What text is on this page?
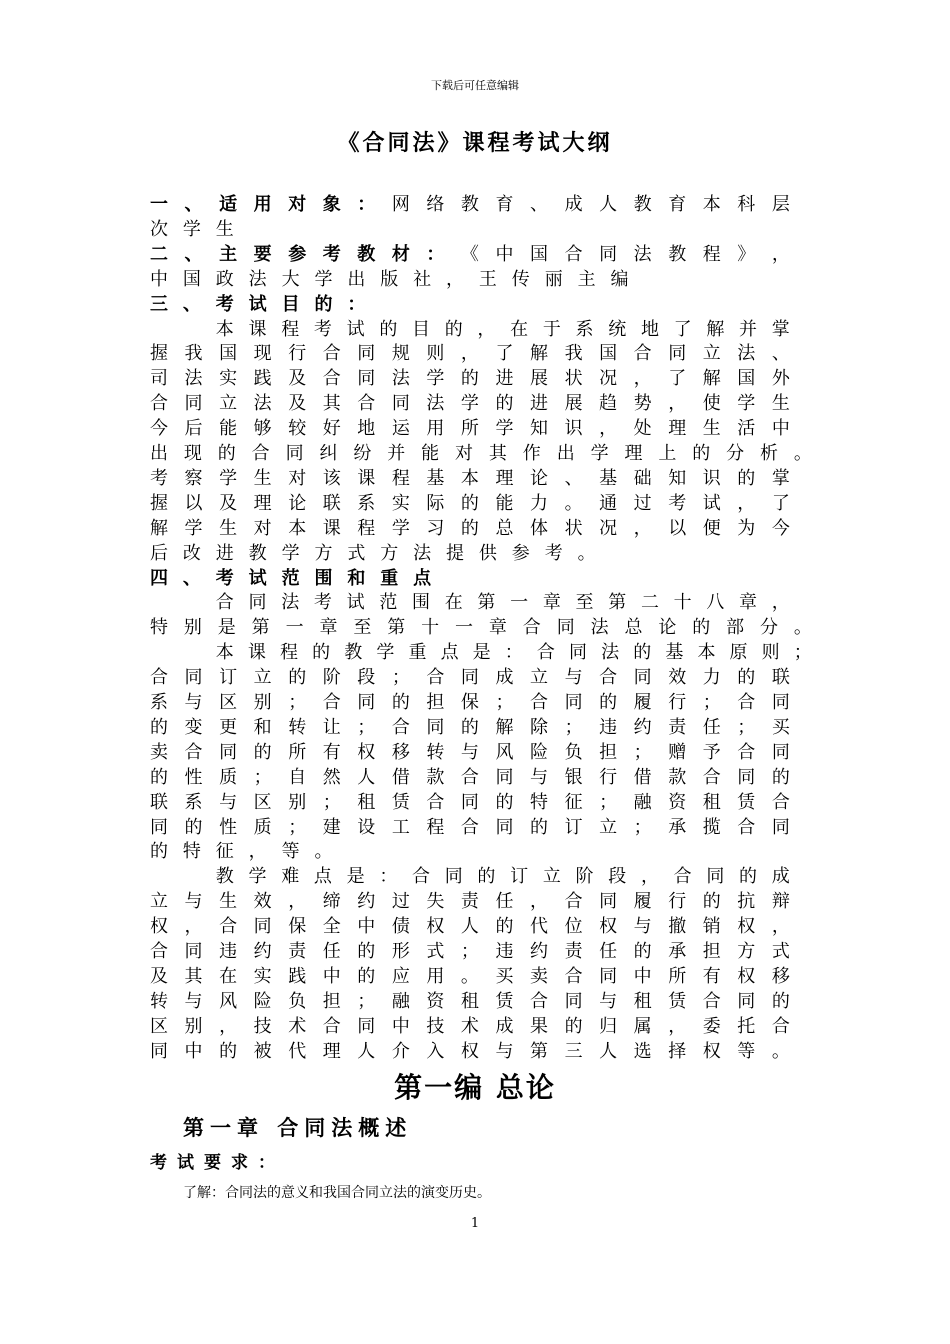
下载后可任意编辑
《合同法》课程考试大纲
一 、 适 用 对 象 ： 网 络 教 育 、 成 人 教 育 本 科 层
次 学 生
二 、 主 要 参 考 教 材 ： 《 中 国 合 同 法 教 程 》 ，
中 国 政 法 大 学 出 版 社 ， 王 传 丽 主 编
三 、 考 试 目 的 ：
本 课 程 考 试 的 目 的 ， 在 于 系 统 地 了 解 并 掌
握 我 国 现 行 合 同 规 则 ， 了 解 我 国 合 同 立 法 、
司 法 实 践 及 合 同 法 学 的 进 展 状 况 ， 了 解 国 外
合 同 立 法 及 其 合 同 法 学 的 进 展 趋 势 ， 使 学 生
今 后 能 够 较 好 地 运 用 所 学 知 识 ， 处 理 生 活 中
出 现 的 合 同 纠 纷 并 能 对 其 作 出 学 理 上 的 分 析 。
考 察 学 生 对 该 课 程 基 本 理 论 、 基 础 知 识 的 掌
握 以 及 理 论 联 系 实 际 的 能 力 。 通 过 考 试 ， 了
解 学 生 对 本 课 程 学 习 的 总 体 状 况 ， 以 便 为 今
后 改 进 教 学 方 式 方 法 提 供 参 考 。
四 、 考 试 范 围 和 重 点
合 同 法 考 试 范 围 在 第 一 章 至 第 二 十 八 章 ，
特 别 是 第 一 章 至 第 十 一 章 合 同 法 总 论 的 部 分 。
本 课 程 的 教 学 重 点 是 ： 合 同 法 的 基 本 原 则 ；
合 同 订 立 的 阶 段 ； 合 同 成 立 与 合 同 效 力 的 联
系 与 区 别 ； 合 同 的 担 保 ； 合 同 的 履 行 ； 合 同
的 变 更 和 转 让 ； 合 同 的 解 除 ； 违 约 责 任 ； 买
卖 合 同 的 所 有 权 移 转 与 风 险 负 担 ； 赠 予 合 同
的 性 质 ； 自 然 人 借 款 合 同 与 银 行 借 款 合 同 的
联 系 与 区 别 ； 租 赁 合 同 的 特 征 ； 融 资 租 赁 合
同 的 性 质 ； 建 设 工 程 合 同 的 订 立 ； 承 揽 合 同
的 特 征 ， 等 。
教 学 难 点 是 ： 合 同 的 订 立 阶 段 ， 合 同 的 成
立 与 生 效 ， 缔 约 过 失 责 任 ， 合 同 履 行 的 抗 辩
权 ， 合 同 保 全 中 债 权 人 的 代 位 权 与 撤 销 权 ，
合 同 违 约 责 任 的 形 式 ； 违 约 责 任 的 承 担 方 式
及 其 在 实 践 中 的 应 用 。 买 卖 合 同 中 所 有 权 移
转 与 风 险 负 担 ； 融 资 租 赁 合 同 与 租 赁 合 同 的
区 别 ， 技 术 合 同 中 技 术 成 果 的 归 属 ， 委 托 合
同 中 的 被 代 理 人 介 入 权 与 第 三 人 选 择 权 等 。
第一编 总论
第一章 合同法概述
考试要求：
了解：合同法的意义和我国合同立法的演变历史。
1
